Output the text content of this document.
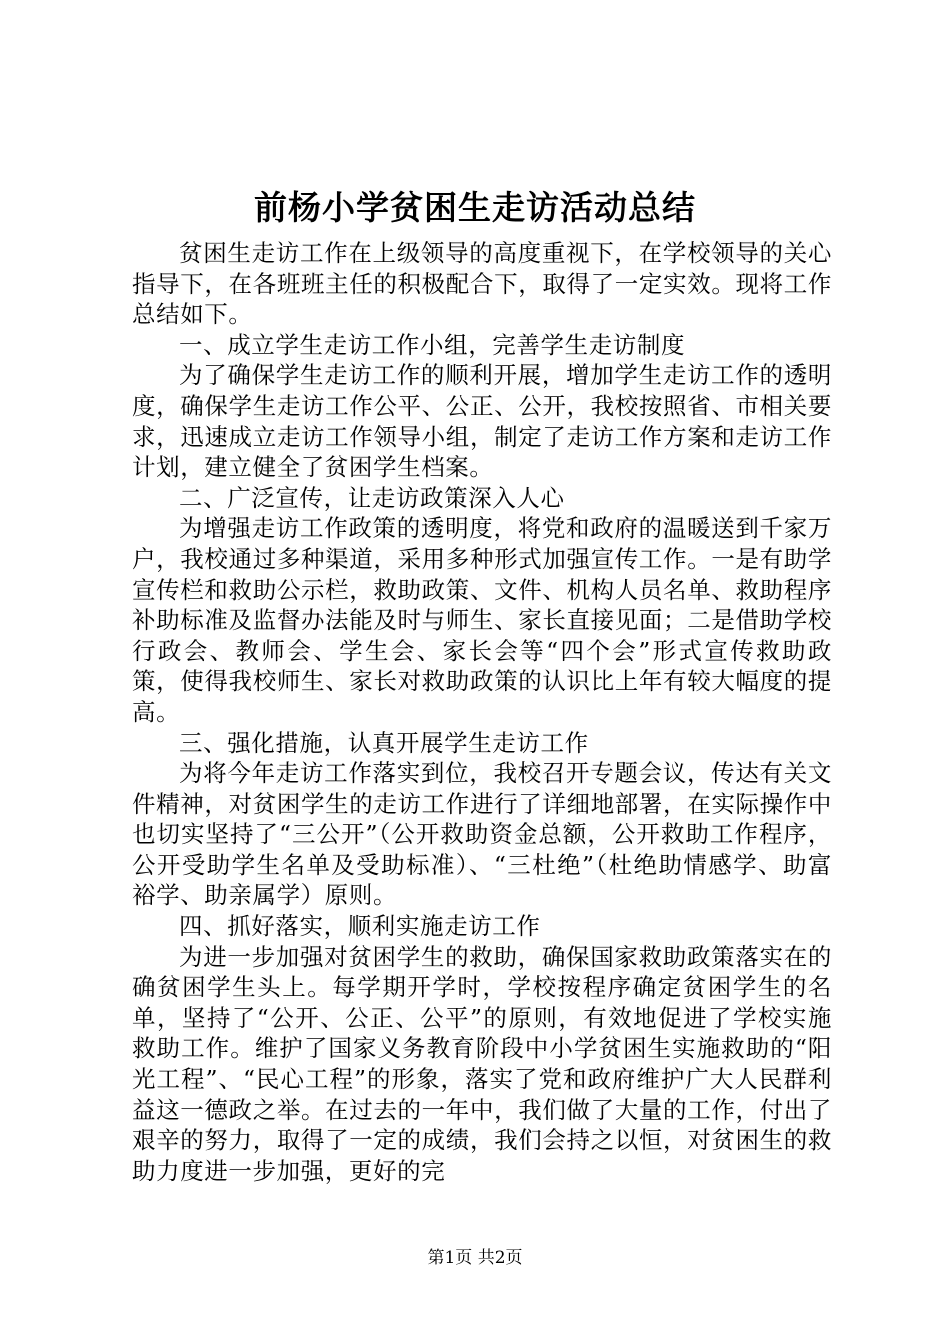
前杨小学贫困生走访活动总结

贫困生走访工作在上级领导的高度重视下，在学校领导的关心指导下，在各班班主任的积极配合下，取得了一定实效。现将工作总结如下。

一、成立学生走访工作小组，完善学生走访制度

为了确保学生走访工作的顺利开展，增加学生走访工作的透明度，确保学生走访工作公平、公正、公开，我校按照省、市相关要求，迅速成立走访工作领导小组，制定了走访工作方案和走访工作计划，建立健全了贫困学生档案。

二、广泛宣传，让走访政策深入人心

为增强走访工作政策的透明度，将党和政府的温暖送到千家万户，我校通过多种渠道，采用多种形式加强宣传工作。一是有助学宣传栏和救助公示栏，救助政策、文件、机构人员名单、救助程序补助标准及监督办法能及时与师生、家长直接见面；二是借助学校行政会、教师会、学生会、家长会等“四个会”形式宣传救助政策，使得我校师生、家长对救助政策的认识比上年有较大幅度的提高。

三、强化措施，认真开展学生走访工作

为将今年走访工作落实到位，我校召开专题会议，传达有关文件精神，对贫困学生的走访工作进行了详细地部署，在实际操作中也切实坚持了“三公开”（公开救助资金总额，公开救助工作程序，公开受助学生名单及受助标准）、“三杜绝”（杜绝助情感学、助富裕学、助亲属学）原则。

四、抓好落实，顺利实施走访工作

为进一步加强对贫困学生的救助，确保国家救助政策落实在的确贫困学生头上。每学期开学时，学校按程序确定贫困学生的名单，坚持了“公开、公正、公平”的原则，有效地促进了学校实施救助工作。维护了国家义务教育阶段中小学贫困生实施救助的“阳光工程”、“民心工程”的形象，落实了党和政府维护广大人民群利益这一德政之举。在过去的一年中，我们做了大量的工作，付出了艰辛的努力，取得了一定的成绩，我们会持之以恒，对贫困生的救助力度进一步加强，更好的完

第1页 共2页
